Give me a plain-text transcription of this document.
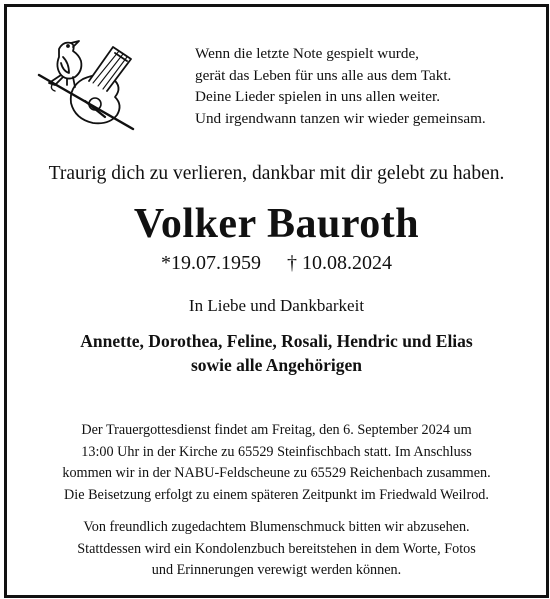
Wenn die letzte Note gespielt wurde,
gerät das Leben für uns alle aus dem Takt.
Deine Lieder spielen in uns allen weiter.
Und irgendwann tanzen wir wieder gemeinsam.
Traurig dich zu verlieren, dankbar mit dir gelebt zu haben.
Volker Bauroth
*19.07.1959 † 10.08.2024
In Liebe und Dankbarkeit
Annette, Dorothea, Feline, Rosali, Hendric und Elias
sowie alle Angehörigen
Der Trauergottesdienst findet am Freitag, den 6. September 2024 um
13:00 Uhr in der Kirche zu 65529 Steinfischbach statt. Im Anschluss
kommen wir in der NABU-Feldscheune zu 65529 Reichenbach zusammen.
Die Beisetzung erfolgt zu einem späteren Zeitpunkt im Friedwald Weilrod.
Von freundlich zugedachtem Blumenschmuck bitten wir abzusehen.
Stattdessen wird ein Kondolenzbuch bereitstehen in dem Worte, Fotos
und Erinnerungen verewigt werden können.
